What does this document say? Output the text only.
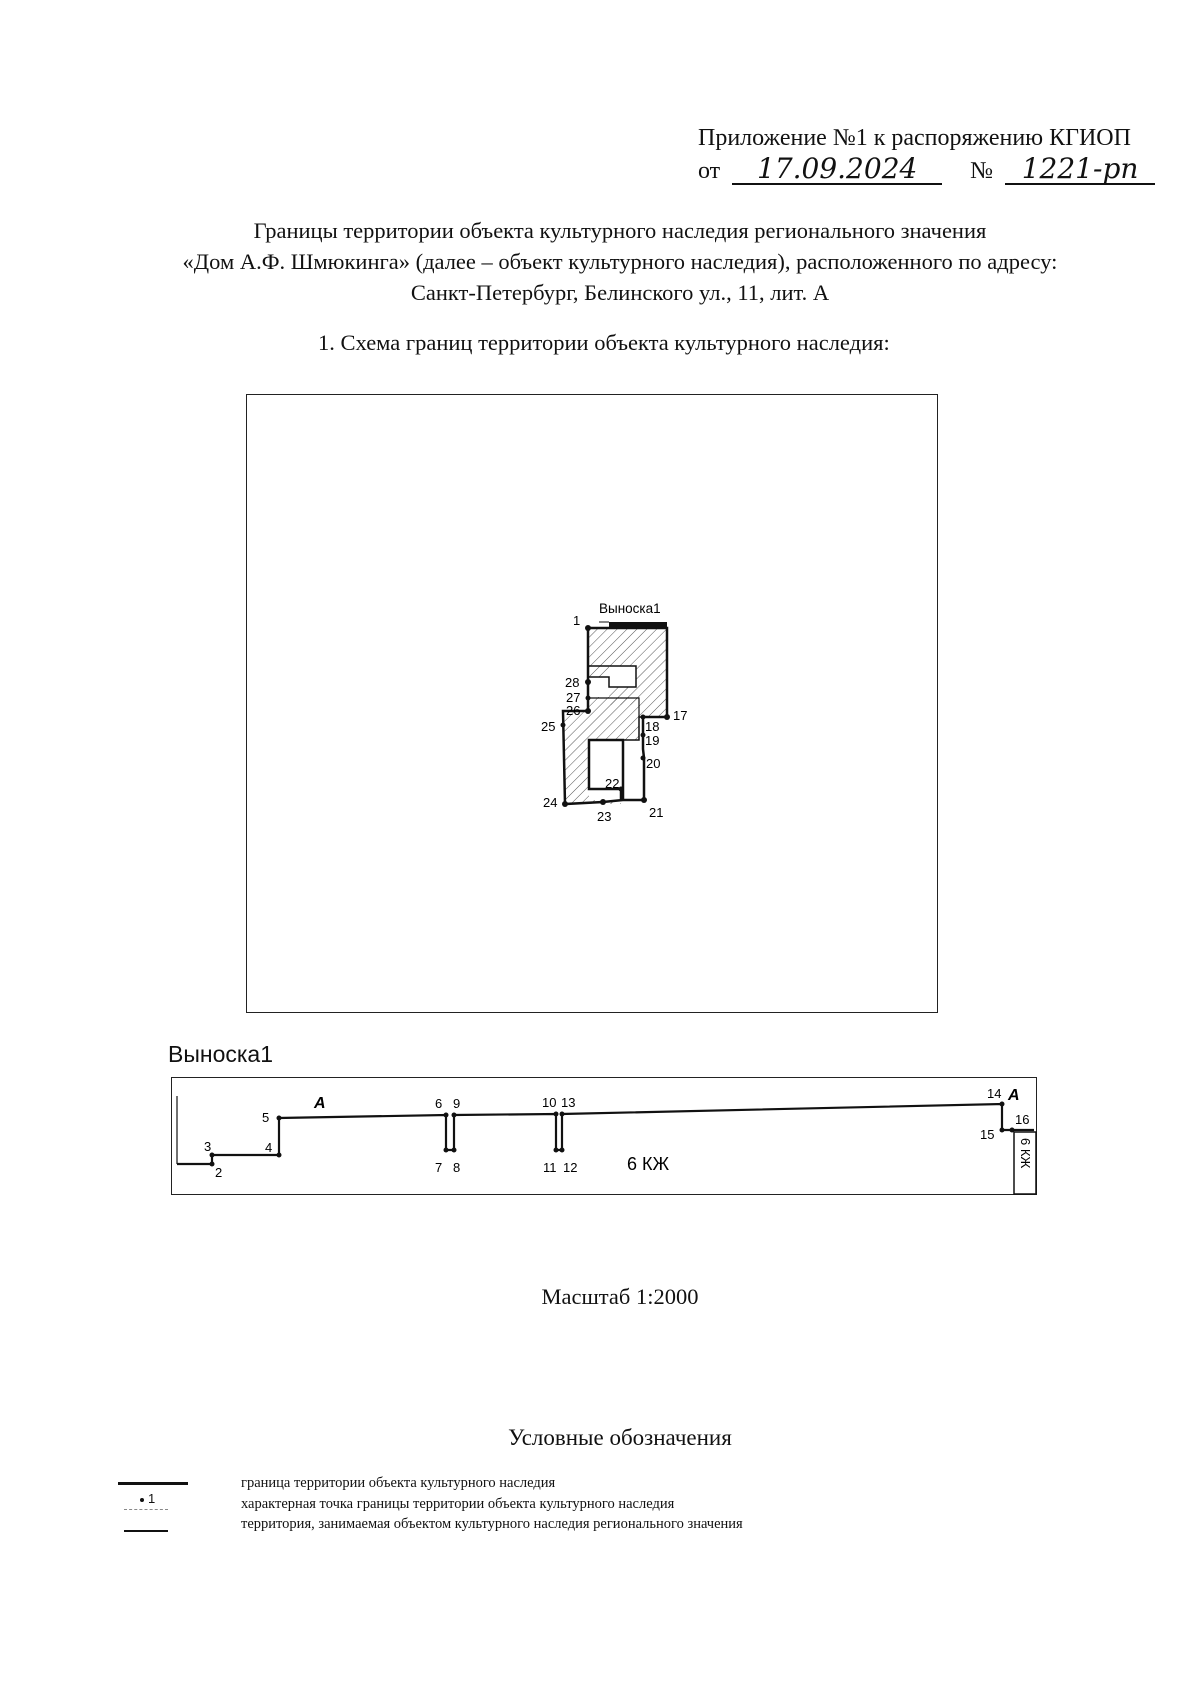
Приложение №1 к распоряжению КГИОП
от 17.09.2024 № 1221-рп
Границы территории объекта культурного наследия регионального значения
«Дом А.Ф. Шмюкинга» (далее – объект культурного наследия), расположенного по адресу:
Санкт-Петербург, Белинского ул., 11, лит. А
1. Схема границ территории объекта культурного наследия:
Выноска1
1
17
18
19
20
21
22
23
24
25
26
27
28
Выноска1
2
3	4
5
6
7 8
9	10
11 12
13
14
15
16
А	А
6 КЖ	6 КЖ
Масштаб 1:2000
Условные обозначения
граница территории объекта культурного наследия
1	характерная точка границы территории объекта культурного наследия
территория, занимаемая объектом культурного наследия регионального значения
